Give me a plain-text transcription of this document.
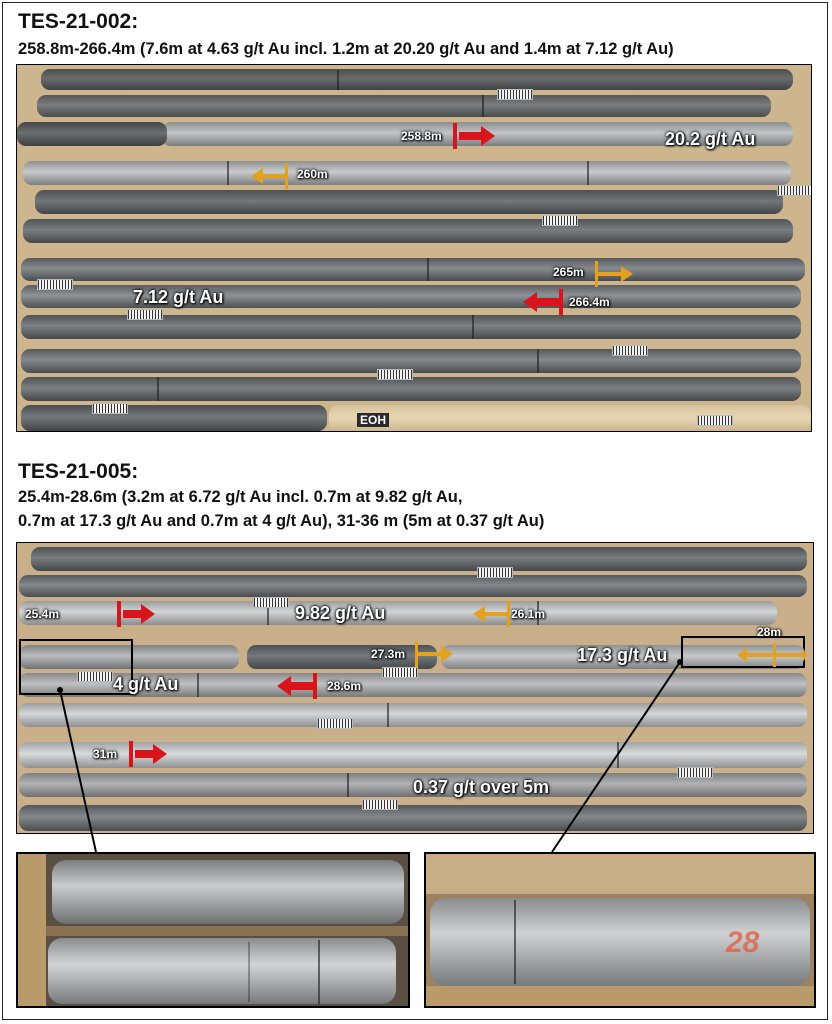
TES-21-002:
258.8m-266.4m (7.6m at 4.63 g/t Au incl. 1.2m at 20.20 g/t Au and 1.4m at 7.12 g/t Au)
20.2 g/t Au
7.12 g/t Au
258.8m
260m
265m
266.4m
EOH
TES-21-005:
25.4m-28.6m (3.2m at 6.72 g/t Au incl. 0.7m at 9.82 g/t Au,
0.7m at 17.3 g/t Au and 0.7m at 4 g/t Au), 31-36 m (5m at 0.37 g/t Au)
25.4m	9.82 g/t Au	26.1m
27.3m	17.3 g/t Au
28m
4 g/t Au	28.6m
31m
0.37 g/t over 5m
28
